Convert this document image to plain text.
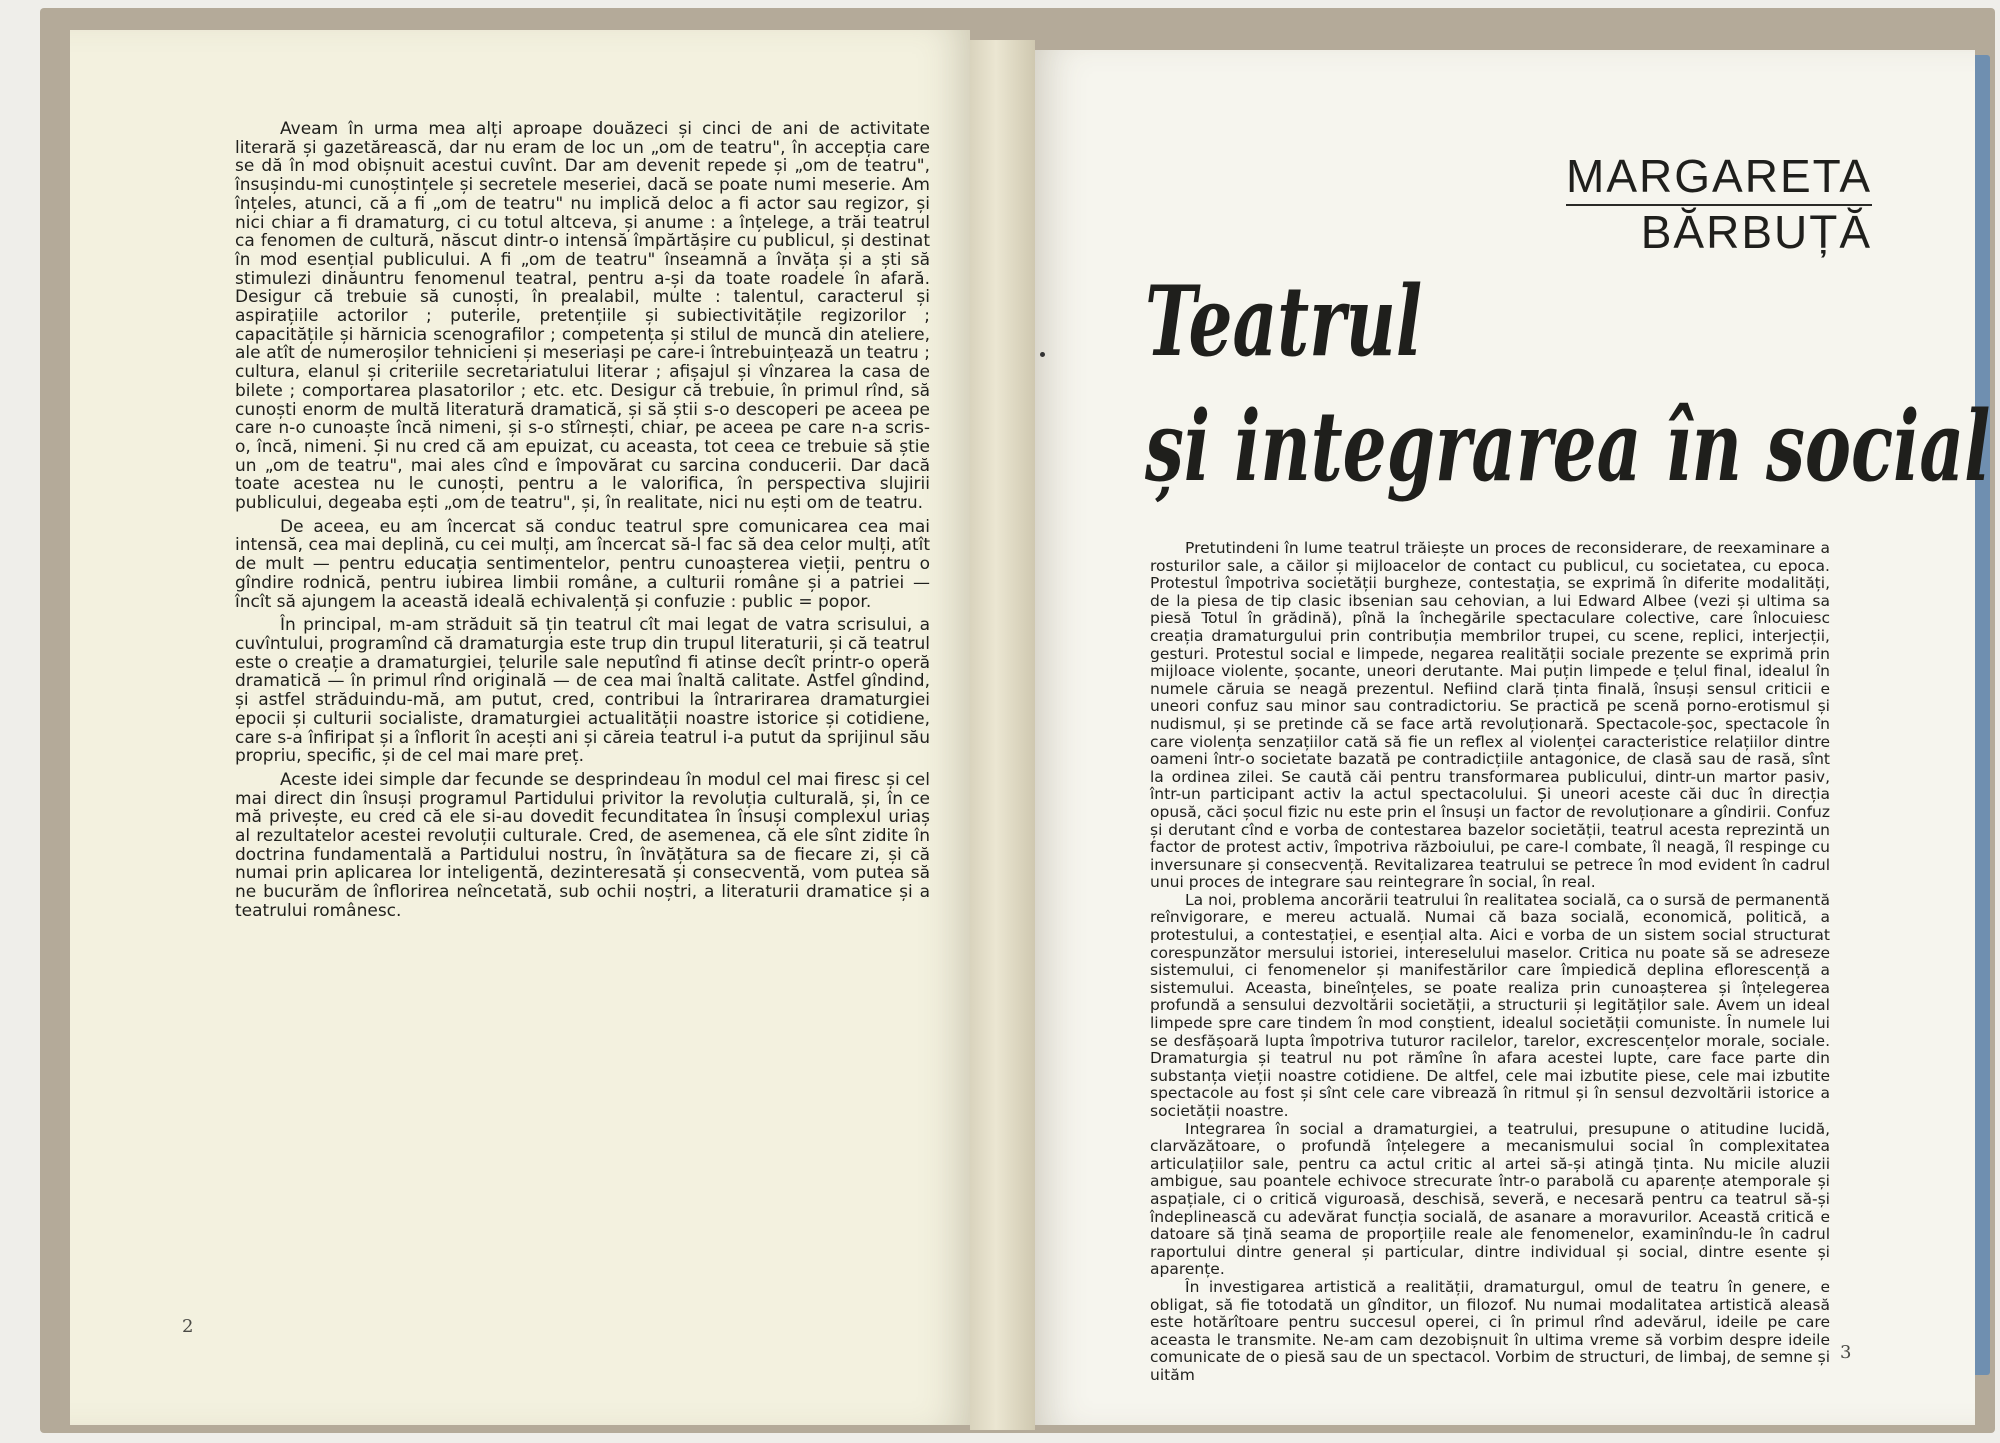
Aveam în urma mea alți aproape douăzeci și cinci de ani de activitate literară și gazetărească, dar nu eram de loc un „om de teatru", în accepția care se dă în mod obișnuit acestui cuvînt. Dar am devenit repede și „om de teatru", însușindu-mi cunoștințele și secretele meseriei, dacă se poate numi meserie. Am înțeles, atunci, că a fi „om de teatru" nu implică deloc a fi actor sau regizor, și nici chiar a fi dramaturg, ci cu totul altceva, și anume : a înțelege, a trăi teatrul ca fenomen de cultură, născut dintr-o intensă împărtășire cu publicul, și destinat în mod esențial publicului. A fi „om de teatru" înseamnă a învăța și a ști să stimulezi dinăuntru fenomenul teatral, pentru a-și da toate roadele în afară. Desigur că trebuie să cunoști, în prealabil, multe : talentul, caracterul și aspirațiile actorilor ; puterile, pretențiile și subiectivitățile regizorilor ; capacitățile și hărnicia scenografilor ; competența și stilul de muncă din ateliere, ale atît de numeroșilor tehnicieni și meseriași pe care-i întrebuințează un teatru ; cultura, elanul și criteriile secretariatului literar ; afișajul și vînzarea la casa de bilete ; comportarea plasatorilor ; etc. etc. Desigur că trebuie, în primul rînd, să cunoști enorm de multă literatură dramatică, și să știi s-o descoperi pe aceea pe care n-o cunoaște încă nimeni, și s-o stîrnești, chiar, pe aceea pe care n-a scris-o, încă, nimeni. Și nu cred că am epuizat, cu aceasta, tot ceea ce trebuie să știe un „om de teatru", mai ales cînd e împovărat cu sarcina conducerii. Dar dacă toate acestea nu le cunoști, pentru a le valorifica, în perspectiva slujirii publicului, degeaba ești „om de teatru", și, în realitate, nici nu ești om de teatru.

De aceea, eu am încercat să conduc teatrul spre comunicarea cea mai intensă, cea mai deplină, cu cei mulți, am încercat să-l fac să dea celor mulți, atît de mult — pentru educația sentimentelor, pentru cunoașterea vieții, pentru o gîndire rodnică, pentru iubirea limbii române, a culturii române și a patriei — încît să ajungem la această ideală echivalență și confuzie : public = popor.

În principal, m-am străduit să țin teatrul cît mai legat de vatra scrisului, a cuvîntului, programînd că dramaturgia este trup din trupul literaturii, și că teatrul este o creație a dramaturgiei, țelurile sale neputînd fi atinse decît printr-o operă dramatică — în primul rînd originală — de cea mai înaltă calitate. Astfel gîndind, și astfel străduindu-mă, am putut, cred, contribui la întrarirarea dramaturgiei epocii și culturii socialiste, dramaturgiei actualității noastre istorice și cotidiene, care s-a înfiripat și a înflorit în acești ani și căreia teatrul i-a putut da sprijinul său propriu, specific, și de cel mai mare preț.

Aceste idei simple dar fecunde se desprindeau în modul cel mai firesc și cel mai direct din însuși programul Partidului privitor la revoluția culturală, și, în ce mă privește, eu cred că ele si-au dovedit fecunditatea în însuși complexul uriaș al rezultatelor acestei revoluții culturale. Cred, de asemenea, că ele sînt zidite în doctrina fundamentală a Partidului nostru, în învățătura sa de fiecare zi, și că numai prin aplicarea lor inteligentă, dezinteresată și consecventă, vom putea să ne bucurăm de înflorirea neîncetată, sub ochii noștri, a literaturii dramatice și a teatrului românesc.

2
MARGARETA
BĂRBUȚĂ
Teatrul
și integrarea în social

Pretutindeni în lume teatrul trăiește un proces de reconsiderare, de reexaminare a rosturilor sale, a căilor și mijloacelor de contact cu publicul, cu societatea, cu epoca. Protestul împotriva societății burgheze, contestația, se exprimă în diferite modalități, de la piesa de tip clasic ibsenian sau cehovian, a lui Edward Albee (vezi și ultima sa piesă Totul în grădină), pînă la închegările spectaculare colective, care înlocuiesc creația dramaturgului prin contribuția membrilor trupei, cu scene, replici, interjecții, gesturi. Protestul social e limpede, negarea realității sociale prezente se exprimă prin mijloace violente, șocante, uneori derutante. Mai puțin limpede e țelul final, idealul în numele căruia se neagă prezentul. Nefiind clară ținta finală, însuși sensul criticii e uneori confuz sau minor sau contradictoriu. Se practică pe scenă porno-erotismul și nudismul, și se pretinde că se face artă revoluționară. Spectacole-șoc, spectacole în care violența senzațiilor cată să fie un reflex al violenței caracteristice relațiilor dintre oameni într-o societate bazată pe contradicțiile antagonice, de clasă sau de rasă, sînt la ordinea zilei. Se caută căi pentru transformarea publicului, dintr-un martor pasiv, într-un participant activ la actul spectacolului. Și uneori aceste căi duc în direcția opusă, căci șocul fizic nu este prin el însuși un factor de revoluționare a gîndirii. Confuz și derutant cînd e vorba de contestarea bazelor societății, teatrul acesta reprezintă un factor de protest activ, împotriva războiului, pe care-l combate, îl neagă, îl respinge cu inversunare și consecvență. Revitalizarea teatrului se petrece în mod evident în cadrul unui proces de integrare sau reintegrare în social, în real.

La noi, problema ancorării teatrului în realitatea socială, ca o sursă de permanentă reînvigorare, e mereu actuală. Numai că baza socială, economică, politică, a protestului, a contestației, e esențial alta. Aici e vorba de un sistem social structurat corespunzător mersului istoriei, intereselului maselor. Critica nu poate să se adreseze sistemului, ci fenomenelor și manifestărilor care împiedică deplina eflorescență a sistemului. Aceasta, bineînțeles, se poate realiza prin cunoașterea și înțelegerea profundă a sensului dezvoltării societății, a structurii și legităților sale. Avem un ideal limpede spre care tindem în mod conștient, idealul societății comuniste. În numele lui se desfășoară lupta împotriva tuturor racilelor, tarelor, excrescențelor morale, sociale. Dramaturgia și teatrul nu pot rămîne în afara acestei lupte, care face parte din substanța vieții noastre cotidiene. De altfel, cele mai izbutite piese, cele mai izbutite spectacole au fost și sînt cele care vibrează în ritmul și în sensul dezvoltării istorice a societății noastre.

Integrarea în social a dramaturgiei, a teatrului, presupune o atitudine lucidă, clarvăzătoare, o profundă înțelegere a mecanismului social în complexitatea articulațiilor sale, pentru ca actul critic al artei să-și atingă ținta. Nu micile aluzii ambigue, sau poantele echivoce strecurate într-o parabolă cu aparențe atemporale și aspațiale, ci o critică viguroasă, deschisă, severă, e necesară pentru ca teatrul să-și îndeplinească cu adevărat funcția socială, de asanare a moravurilor. Această critică e datoare să țină seama de proporțiile reale ale fenomenelor, examinîndu-le în cadrul raportului dintre general și particular, dintre individual și social, dintre esente și aparențe.

În investigarea artistică a realității, dramaturgul, omul de teatru în genere, e obligat, să fie totodată un gînditor, un filozof. Nu numai modalitatea artistică aleasă este hotărîtoare pentru succesul operei, ci în primul rînd adevărul, ideile pe care aceasta le transmite. Ne-am cam dezobișnuit în ultima vreme să vorbim despre ideile comunicate de o piesă sau de un spectacol. Vorbim de structuri, de limbaj, de semne și uităm

3
